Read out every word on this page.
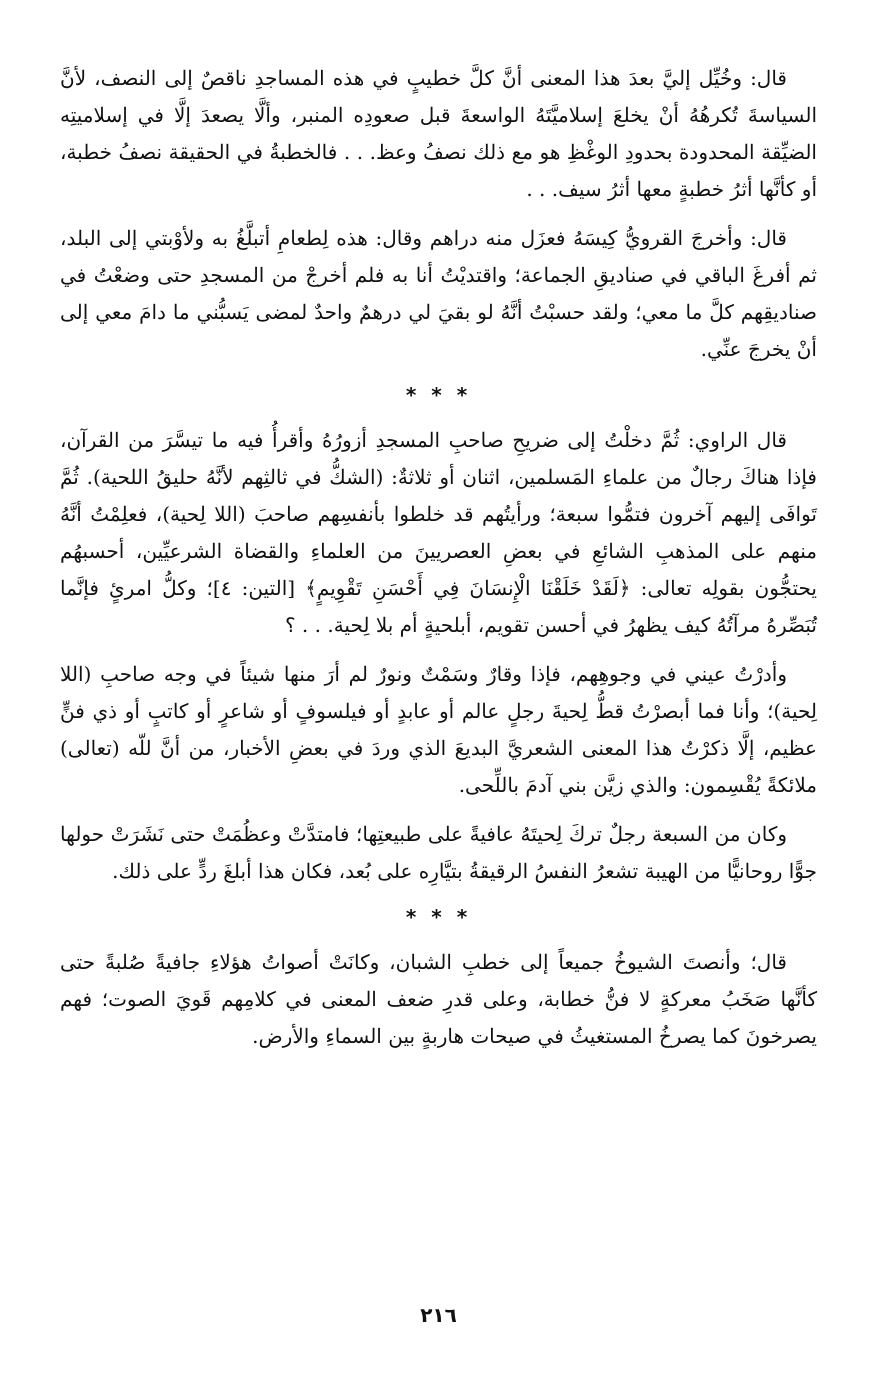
قال: وخُيِّل إليَّ بعدَ هذا المعنى أنَّ كلَّ خطيبٍ في هذه المساجدِ ناقصٌ إلى النصف، لأنَّ السياسةَ تُكرهُهُ أنْ يخلعَ إسلاميَّتَهُ الواسعةَ قبل صعودِه المنبر، وألَّا يصعدَ إلَّا في إسلاميتِه الضيِّقة المحدودة بحدودِ الوغْظِ هو مع ذلك نصفُ وعظ. . . فالخطبةُ في الحقيقة نصفُ خطبة، أو كأنَّها أثرُ خطبةٍ معها أثرُ سيف. . .

قال: وأخرجَ القرويُّ كِيسَهُ فعزَل منه دراهم وقال: هذه لِطعامِ أتبلَّغُ به ولأوْبتي إلى البلد، ثم أفرغَ الباقي في صناديقِ الجماعة؛ واقتديْتُ أنا به فلم أخرجْ من المسجدِ حتى وضعْتُ في صناديقِهم كلَّ ما معي؛ ولقد حسبْتُ أنَّهُ لو بقيَ لي درهمٌ واحدٌ لمضى يَسبُّني ما دامَ معي إلى أنْ يخرجَ عنِّي.

* * *

قال الراوي: ثُمَّ دخلْتُ إلى ضريحِ صاحبِ المسجدِ أزورُهُ وأقرأُ فيه ما تيسَّرَ من القرآن، فإذا هناكَ رجالٌ من علماءِ المَسلمين، اثنان أو ثلاثةٌ: (الشكُّ في ثالثِهم لأنَّهُ حليقُ اللحية). ثُمَّ تَوافَى إليهم آخرون فتمُّوا سبعة؛ ورأيتُهم قد خلطوا بأنفسِهم صاحبَ (اللا لِحية)، فعلِمْتُ أنَّهُ منهم على المذهبِ الشائعِ في بعضِ العصريينَ من العلماءِ والقضاة الشرعيِّين، أحسبهُم يحتجُّون بقولِه تعالى: ﴿لَقَدْ خَلَقْنَا الْإِنسَانَ فِي أَحْسَنِ تَقْوِيمٍ﴾ [التين: ٤]؛ وكلُّ امرئٍ فإنَّما تُبَصِّرهُ مرآتُهُ كيف يظهرُ في أحسن تقويم، أبلحيةٍ أم بلا لِحية. . . ؟

وأدرْتُ عيني في وجوهِهم، فإذا وقارٌ وسَمْتٌ ونورٌ لم أرَ منها شيئاً في وجه صاحبِ (اللا لِحية)؛ وأنا فما أبصرْتُ قطُّ لِحيةَ رجلٍ عالم أو عابدٍ أو فيلسوفٍ أو شاعرٍ أو كاتبٍ أو ذي فنٍّ عظيم، إلَّا ذكرْتُ هذا المعنى الشعريَّ البديعَ الذي وردَ في بعضِ الأخبار، من أنَّ للّه (تعالى) ملائكةً يُقْسِمون: والذي زيَّن بني آدمَ باللِّحى.

وكان من السبعة رجلٌ تركَ لِحيتَهُ عافيةً على طبيعتِها؛ فامتدَّتْ وعظُمَتْ حتى نَشَرَتْ حولها جوًّا روحانيًّا من الهيبة تشعرُ النفسُ الرقيقةُ بتيَّارِه على بُعد، فكان هذا أبلغَ ردٍّ على ذلك.

* * *

قال؛ وأنصتَ الشيوخُ جميعاً إلى خطبِ الشبان، وكانَتْ أصواتُ هؤلاءِ جافيةً صُلبةً حتى كأنَّها صَخَبُ معركةٍ لا فنُّ خطابة، وعلى قدرِ ضعف المعنى في كلامِهم قَويَ الصوت؛ فهم يصرخونَ كما يصرخُ المستغيثُ في صيحات هاربةٍ بين السماءِ والأرض.

٢١٦
